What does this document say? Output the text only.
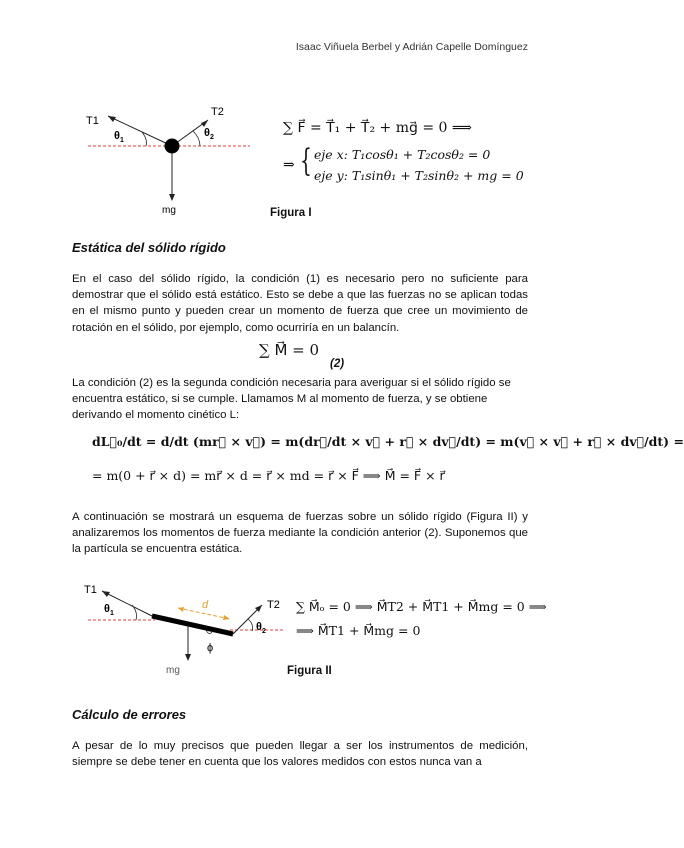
Isaac Viñuela Berbel y Adrián Capelle Domínguez
T1
T2
$\theta_1$
$\theta_2$
mg
∑ F⃗ = T⃗₁ + T⃗₂ + mg⃗ = 0 ⟹
⇒ { eje x: T₁cosθ₁ + T₂cosθ₂ = 0
eje y: T₁sinθ₁ + T₂sinθ₂ + mg = 0
Figura I
Estática del sólido rígido
En el caso del sólido rígido, la condición (1) es necesario pero no suficiente para demostrar que el sólido está estático. Esto se debe a que las fuerzas no se aplican todas en el mismo punto y pueden crear un momento de fuerza que cree un movimiento de rotación en el sólido, por ejemplo, como ocurriría en un balancín.
∑ M⃗ = 0
(2)
La condición (2) es la segunda condición necesaria para averiguar si el sólido rígido se encuentra estático, si se cumple. Llamamos M al momento de fuerza, y se obtiene derivando el momento cinético L:
dL⃗₀/dt = d/dt (mr⃗ × v⃗) = m(dr⃗/dt × v⃗ + r⃗ × dv⃗/dt) = m(v⃗ × v⃗ + r⃗ × dv⃗/dt) =
= m(0 + r⃗ × d) = mr⃗ × d = r⃗ × md = r⃗ × F⃗ ⟹ M⃗ = F⃗ × r⃗
A continuación se mostrará un esquema de fuerzas sobre un sólido rígido (Figura II) y analizaremos los momentos de fuerza mediante la condición anterior (2). Suponemos que la partícula se encuentra estática.
T1
T2
$\theta_1$
$\theta_2$
d
ϕ
mg
∑ M⃗ₒ = 0 ⟹ M⃗T2 + M⃗T1 + M⃗mg = 0 ⟹
⟹ M⃗T1 + M⃗mg = 0
Figura II
Cálculo de errores
A pesar de lo muy precisos que pueden llegar a ser los instrumentos de medición, siempre se debe tener en cuenta que los valores medidos con estos nunca van a
